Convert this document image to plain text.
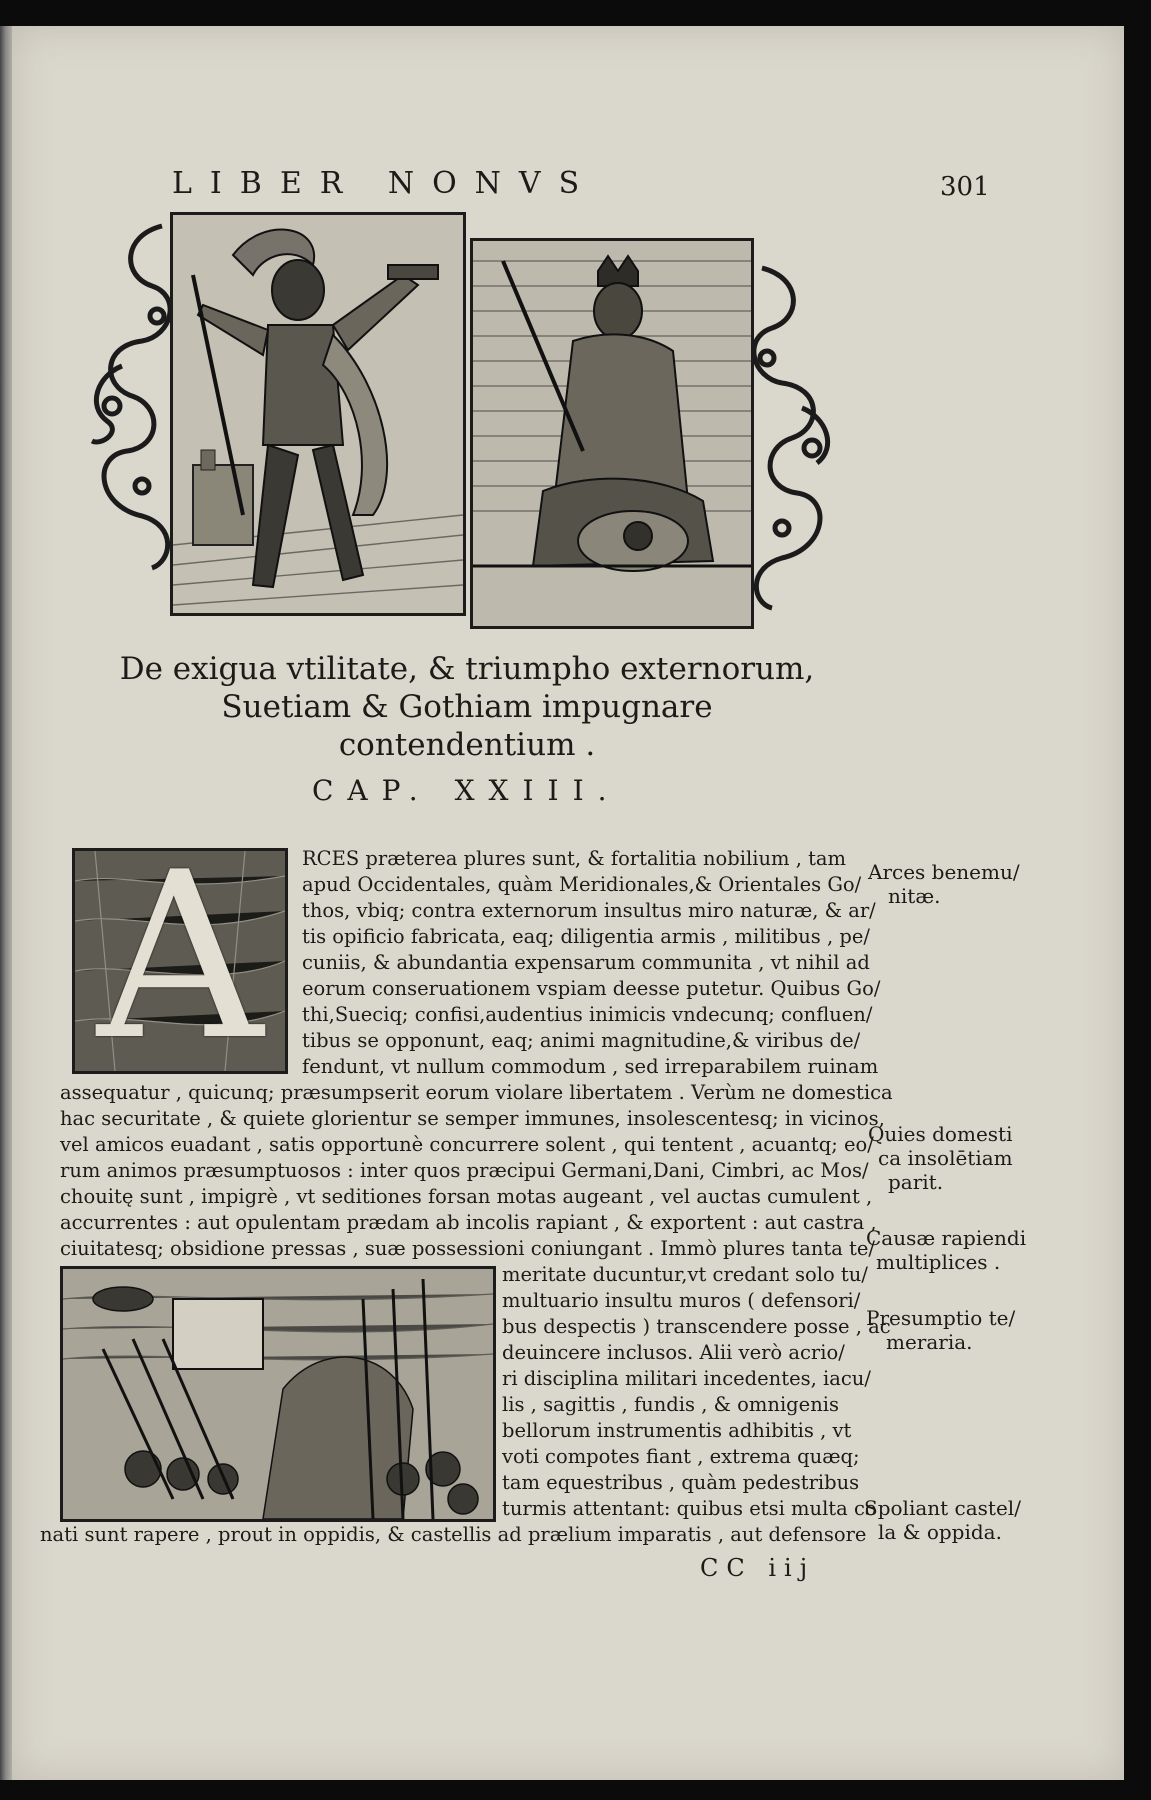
LIBER NONVS	301
De exigua vtilitate, & triumpho externorum,
Suetiam & Gothiam impugnare
contendentium .
CAP. XXIII.
A	RCES præterea plures sunt, & fortalitia nobilium , tam
apud Occidentales, quàm Meridionales,& Orientales Go/
thos, vbiq; contra externorum insultus miro naturæ, & ar/
tis opificio fabricata, eaq; diligentia armis , militibus , pe/
cuniis, & abundantia expensarum communita , vt nihil ad
eorum conseruationem vspiam deesse putetur. Quibus Go/
thi,Sueciq; confisi,audentius inimicis vndecunq; confluen/
tibus se opponunt, eaq; animi magnitudine,& viribus de/
fendunt, vt nullum commodum , sed irreparabilem ruinam
assequatur , quicunq; præsumpserit eorum violare libertatem . Verùm ne domestica
hac securitate , & quiete glorientur se semper immunes, insolescentesq; in vicinos,
vel amicos euadant , satis opportunè concurrere solent , qui tentent , acuantq; eo/
rum animos præsumptuosos : inter quos præcipui Germani,Dani, Cimbri, ac Mos/
chouitę sunt , impigrè , vt seditiones forsan motas augeant , vel auctas cumulent ,
accurrentes : aut opulentam prædam ab incolis rapiant , & exportent : aut castra ,
ciuitatesq; obsidione pressas , suæ possessioni coniungant . Immò plures tanta te/
meritate ducuntur,vt credant solo tu/
multuario insultu muros ( defensori/
bus despectis ) transcendere posse , ac
deuincere inclusos. Alii verò acrio/
ri disciplina militari incedentes, iacu/
lis , sagittis , fundis , & omnigenis
bellorum instrumentis adhibitis , vt
voti compotes fiant , extrema quæq;
tam equestribus , quàm pedestribus
turmis attentant: quibus etsi multa co
nati sunt rapere , prout in oppidis, & castellis ad prælium imparatis , aut defensore
CC iij
Arces benemu/
nitæ.
Quies domesti
ca insolētiam
parit.
Causæ rapiendi
multiplices .
Presumptio te/
meraria.
Spoliant castel/
la & oppida.
